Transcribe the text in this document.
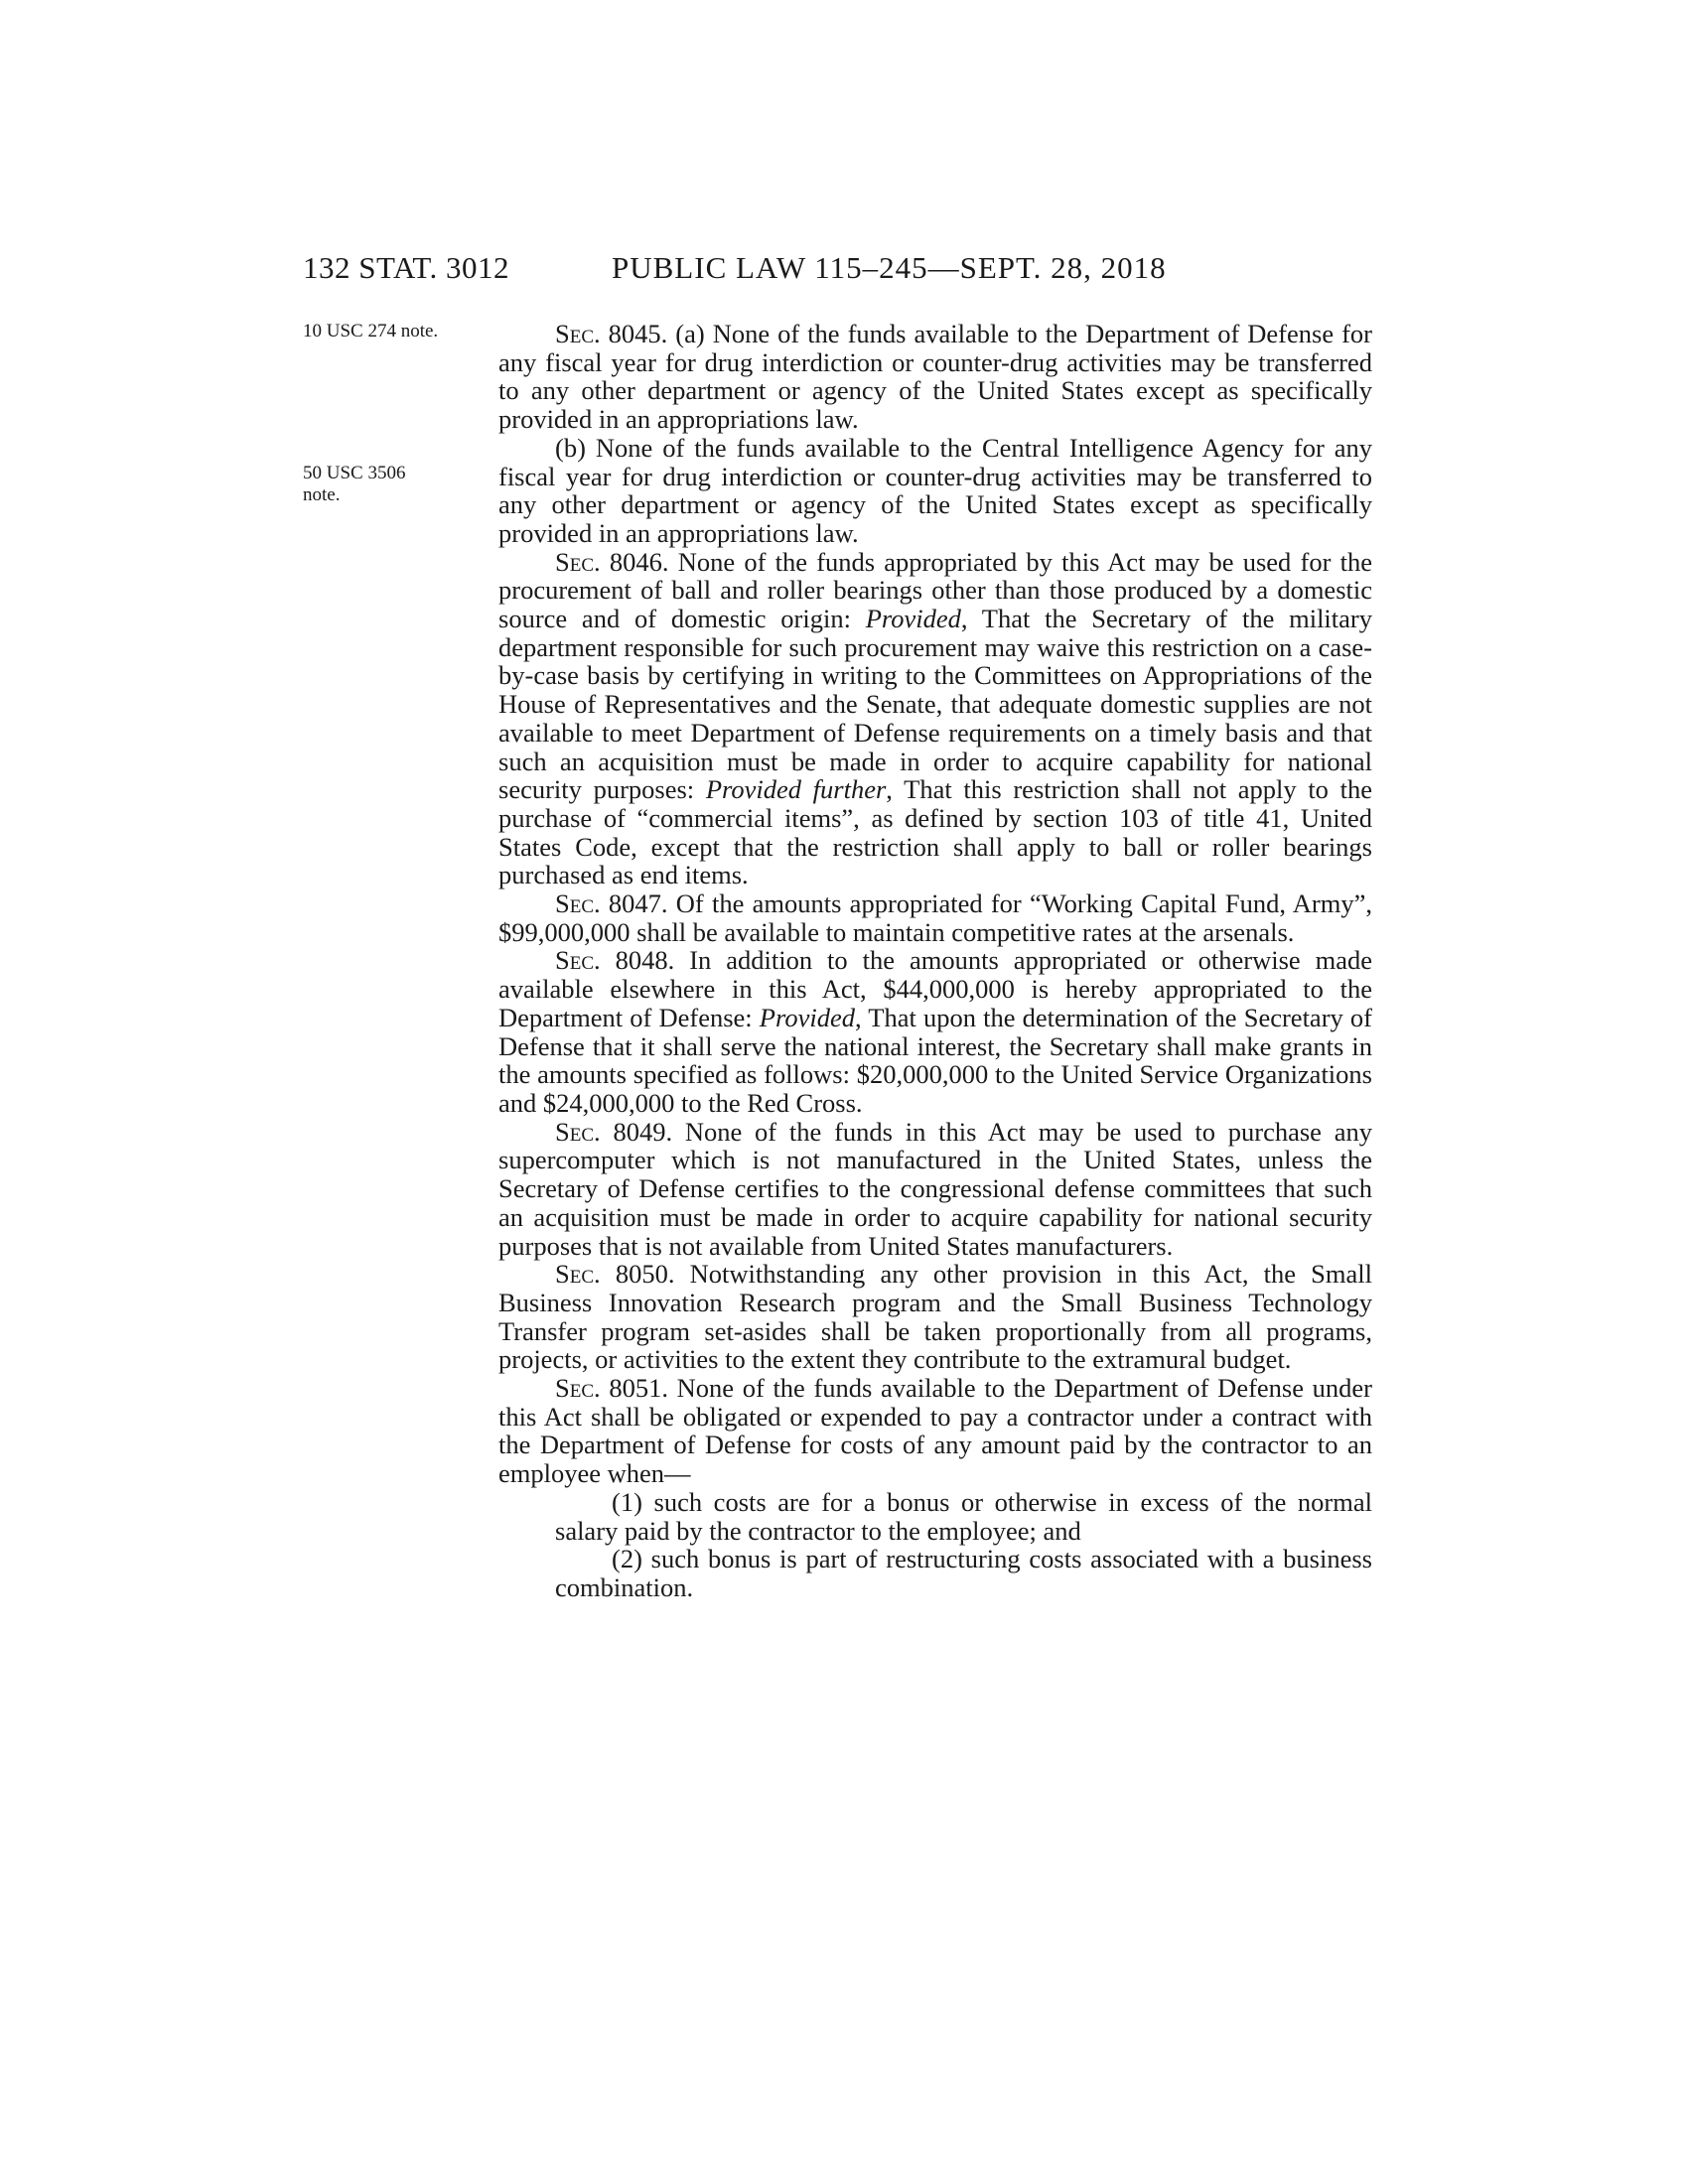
132 STAT. 3012	PUBLIC LAW 115–245—SEPT. 28, 2018
10 USC 274 note.
50 USC 3506
note.

Sec. 8045. (a) None of the funds available to the Department of Defense for any fiscal year for drug interdiction or counter-drug activities may be transferred to any other department or agency of the United States except as specifically provided in an appropriations law.

(b) None of the funds available to the Central Intelligence Agency for any fiscal year for drug interdiction or counter-drug activities may be transferred to any other department or agency of the United States except as specifically provided in an appropriations law.

Sec. 8046. None of the funds appropriated by this Act may be used for the procurement of ball and roller bearings other than those produced by a domestic source and of domestic origin: Provided, That the Secretary of the military department responsible for such procurement may waive this restriction on a case-by-case basis by certifying in writing to the Committees on Appropriations of the House of Representatives and the Senate, that adequate domestic supplies are not available to meet Department of Defense requirements on a timely basis and that such an acquisition must be made in order to acquire capability for national security purposes: Provided further, That this restriction shall not apply to the purchase of “commercial items”, as defined by section 103 of title 41, United States Code, except that the restriction shall apply to ball or roller bearings purchased as end items.

Sec. 8047. Of the amounts appropriated for “Working Capital Fund, Army”, $99,000,000 shall be available to maintain competitive rates at the arsenals.

Sec. 8048. In addition to the amounts appropriated or otherwise made available elsewhere in this Act, $44,000,000 is hereby appropriated to the Department of Defense: Provided, That upon the determination of the Secretary of Defense that it shall serve the national interest, the Secretary shall make grants in the amounts specified as follows: $20,000,000 to the United Service Organizations and $24,000,000 to the Red Cross.

Sec. 8049. None of the funds in this Act may be used to purchase any supercomputer which is not manufactured in the United States, unless the Secretary of Defense certifies to the congressional defense committees that such an acquisition must be made in order to acquire capability for national security purposes that is not available from United States manufacturers.

Sec. 8050. Notwithstanding any other provision in this Act, the Small Business Innovation Research program and the Small Business Technology Transfer program set-asides shall be taken proportionally from all programs, projects, or activities to the extent they contribute to the extramural budget.

Sec. 8051. None of the funds available to the Department of Defense under this Act shall be obligated or expended to pay a contractor under a contract with the Department of Defense for costs of any amount paid by the contractor to an employee when—

(1) such costs are for a bonus or otherwise in excess of the normal salary paid by the contractor to the employee; and

(2) such bonus is part of restructuring costs associated with a business combination.
